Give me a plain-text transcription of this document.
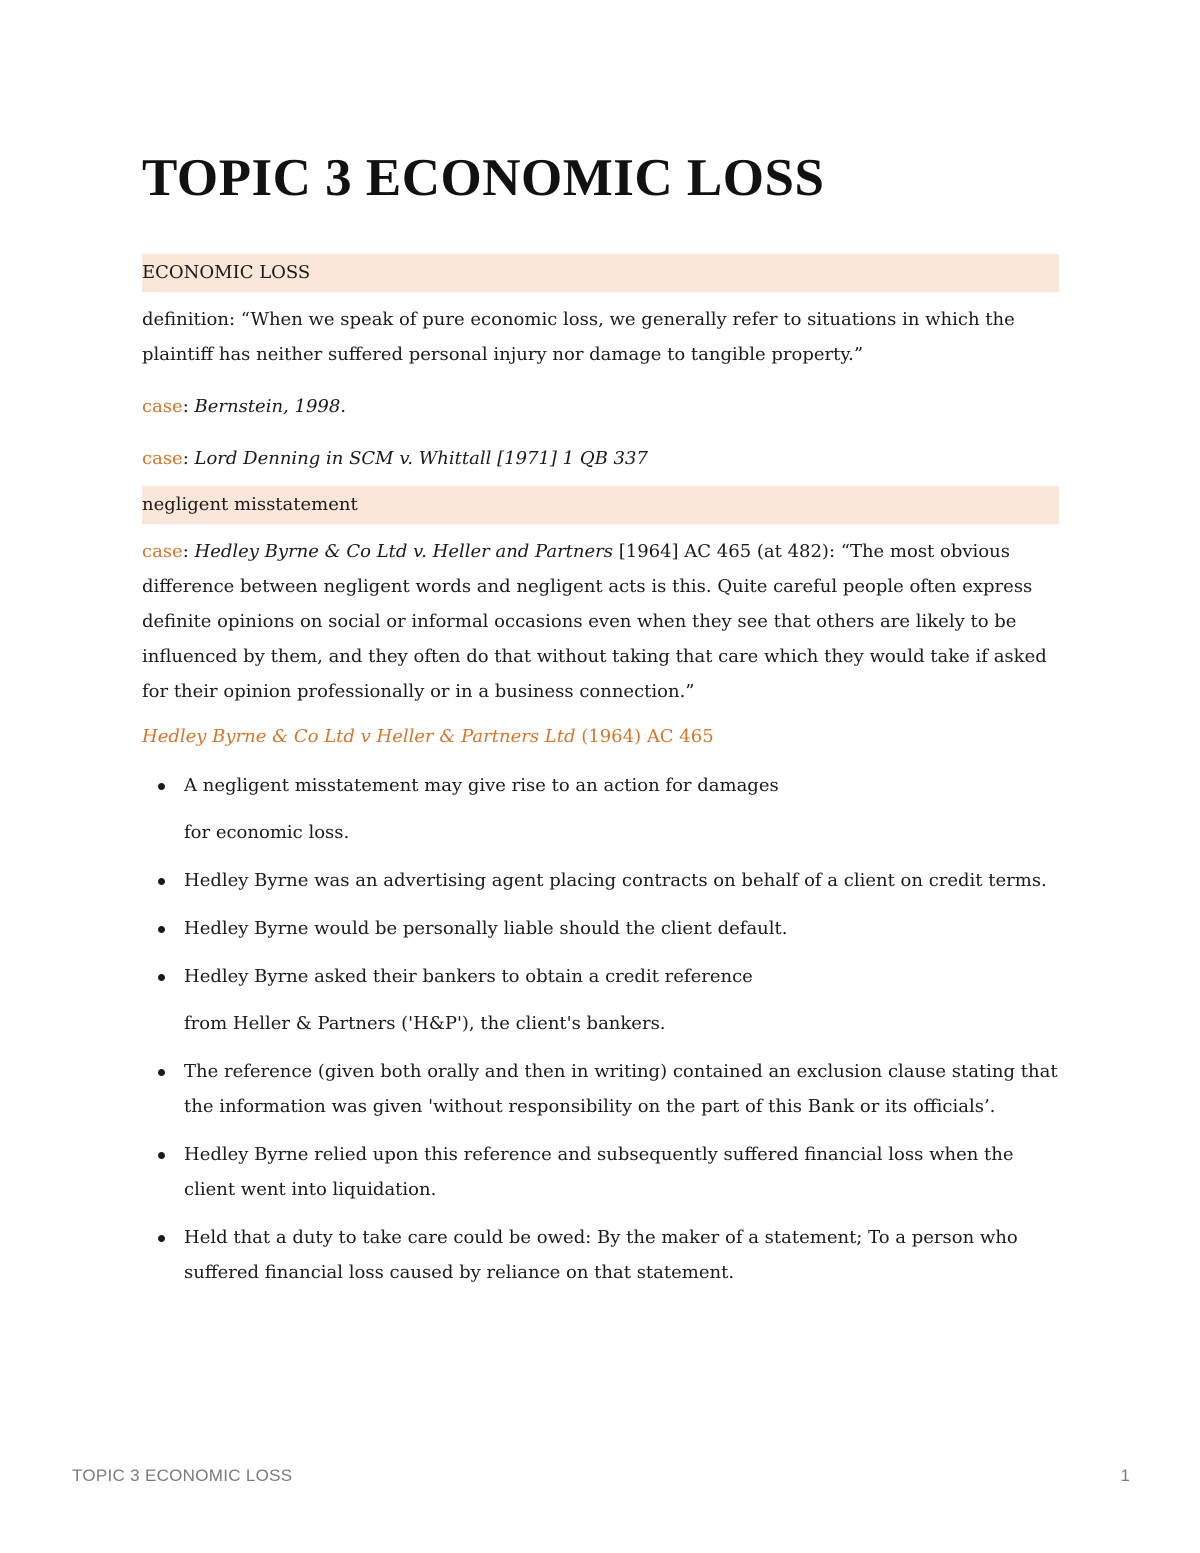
TOPIC 3 ECONOMIC LOSS
ECONOMIC LOSS

definition: “When we speak of pure economic loss, we generally refer to situations in which the plaintiff has neither suffered personal injury nor damage to tangible property.”

case: Bernstein, 1998.

case: Lord Denning in SCM v. Whittall [1971] 1 QB 337

negligent misstatement

case: Hedley Byrne & Co Ltd v. Heller and Partners [1964] AC 465 (at 482): “The most obvious difference between negligent words and negligent acts is this. Quite careful people often express definite opinions on social or informal occasions even when they see that others are likely to be influenced by them, and they often do that without taking that care which they would take if asked for their opinion professionally or in a business connection.”

Hedley Byrne & Co Ltd v Heller & Partners Ltd (1964) AC 465

A negligent misstatement may give rise to an action for damages
for economic loss.
Hedley Byrne was an advertising agent placing contracts on behalf of a client on credit terms.
Hedley Byrne would be personally liable should the client default.
Hedley Byrne asked their bankers to obtain a credit reference
from Heller & Partners ('H&P'), the client's bankers.
The reference (given both orally and then in writing) contained an exclusion clause stating that the information was given 'without responsibility on the part of this Bank or its officials’.
Hedley Byrne relied upon this reference and subsequently suffered financial loss when the client went into liquidation.
Held that a duty to take care could be owed: By the maker of a statement; To a person who suffered financial loss caused by reliance on that statement.
TOPIC 3 ECONOMIC LOSS	1
